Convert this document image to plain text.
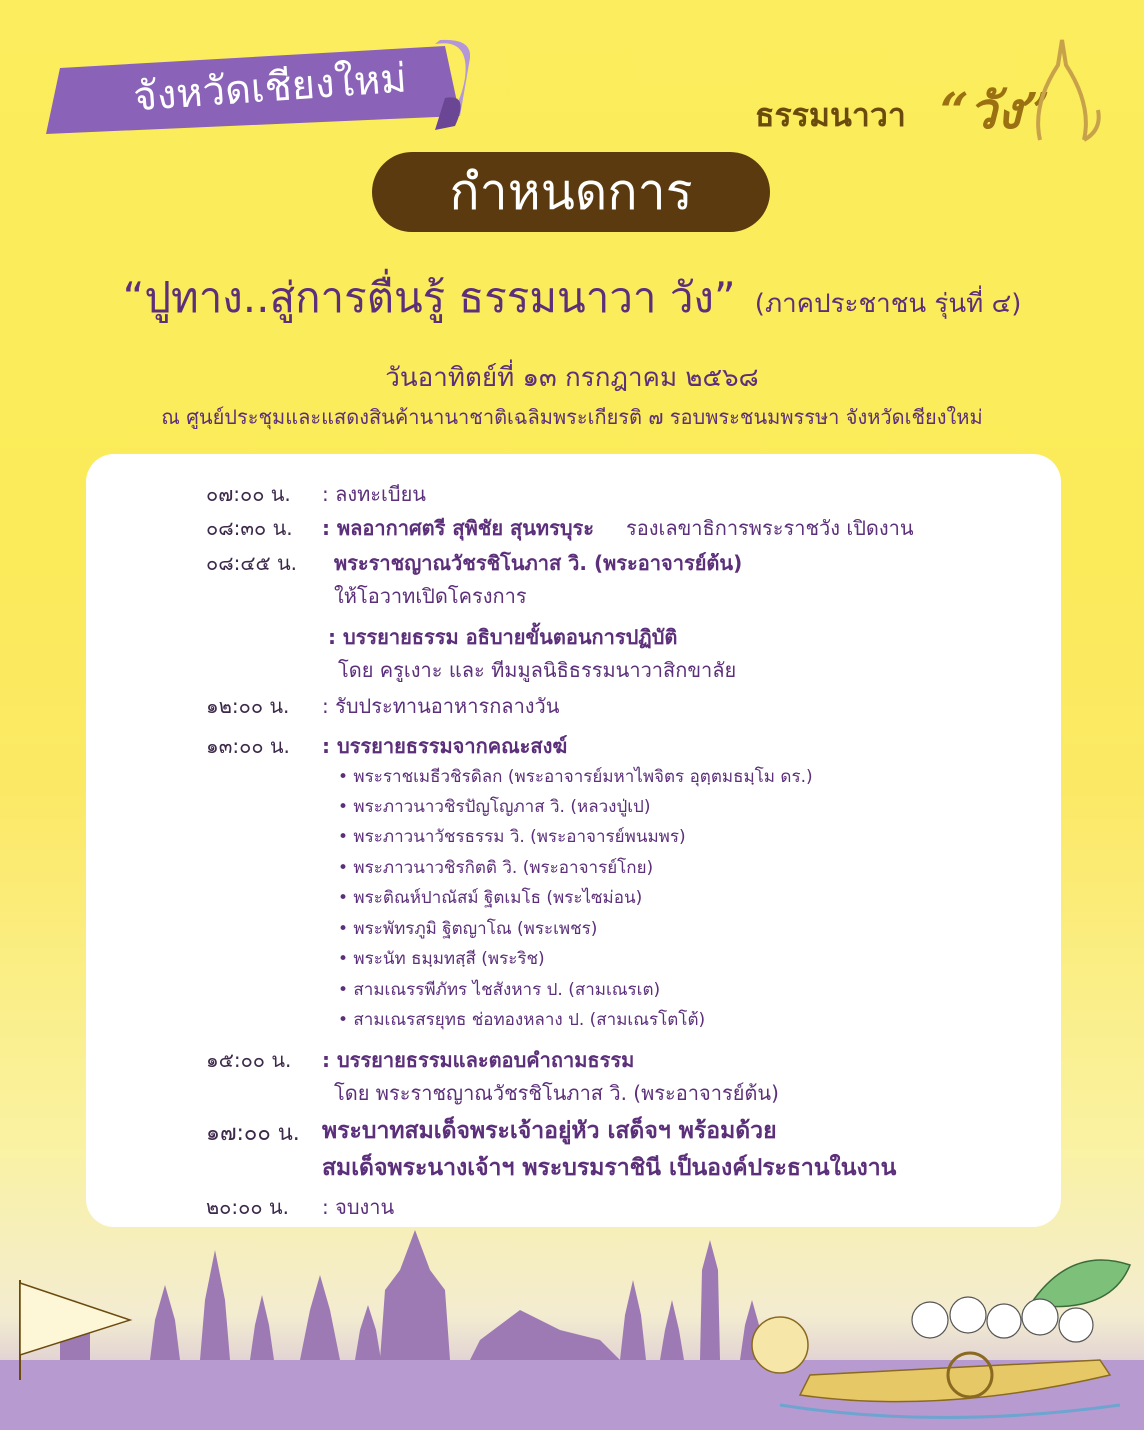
จังหวัดเชียงใหม่	ธรรมนาวา “วัง”
กำหนดการ
“ปูทาง..สู่การตื่นรู้ ธรรมนาวา วัง” (ภาคประชาชน รุ่นที่ ๔)
วันอาทิตย์ที่ ๑๓ กรกฎาคม ๒๕๖๘
ณ ศูนย์ประชุมและแสดงสินค้านานาชาติเฉลิมพระเกียรติ ๗ รอบพระชนมพรรษา จังหวัดเชียงใหม่
๐๗:๐๐ น. : ลงทะเบียน
๐๘:๓๐ น. : พลอากาศตรี สุพิชัย สุนทรบุระ รองเลขาธิการพระราชวัง เปิดงาน
๐๘:๔๕ น. พระราชญาณวัชรชิโนภาส วิ. (พระอาจารย์ต้น)
ให้โอวาทเปิดโครงการ
: บรรยายธรรม อธิบายขั้นตอนการปฏิบัติ
โดย ครูเงาะ และ ทีมมูลนิธิธรรมนาวาสิกขาลัย
๑๒:๐๐ น. : รับประทานอาหารกลางวัน
๑๓:๐๐ น. : บรรยายธรรมจากคณะสงฆ์
• พระราชเมธีวชิรดิลก (พระอาจารย์มหาไพจิตร อุตฺตมธมฺโม ดร.)
• พระภาวนาวชิรปัญโญภาส วิ. (หลวงปู่เป)
• พระภาวนาวัชรธรรม วิ. (พระอาจารย์พนมพร)
• พระภาวนาวชิรกิตติ วิ. (พระอาจารย์โกย)
• พระติณห์ปาณัสม์ ฐิตเมโธ (พระไซม่อน)
• พระพัทรภูมิ ฐิตญาโณ (พระเพชร)
• พระนัท ธมฺมทสฺสี (พระริช)
• สามเณรรพีภัทร ไชสังหาร ป. (สามเณรเต)
• สามเณรสรยุทธ ช่อทองหลาง ป. (สามเณรโตโต้)
๑๕:๐๐ น. : บรรยายธรรมและตอบคำถามธรรม
โดย พระราชญาณวัชรชิโนภาส วิ. (พระอาจารย์ต้น)
๑๗:๐๐ น. พระบาทสมเด็จพระเจ้าอยู่หัว เสด็จฯ พร้อมด้วย
สมเด็จพระนางเจ้าฯ พระบรมราชินี เป็นองค์ประธานในงาน
๒๐:๐๐ น. : จบงาน
